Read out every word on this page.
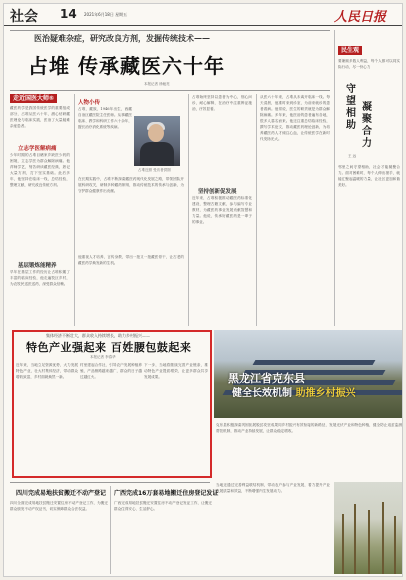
社会 14 2021年6月18日 星期五	人民日报
医治疑难杂症，研究改良方剂，发掘传统技术——
占堆 传承藏医六十年
本报记者 徐驰亮
走近国医大师⑤
藏医药学是我国传统医学的重要组成部分，占堆从医六十年，潜心钻研藏医理论与临床实践，医治了大量疑难杂症患者。
立志学医解病痛
少年时期的占堆目睹家乡缺医少药的困境，立志学医为群众解除病痛。他拜师学艺，刻苦研读藏医经典，熟记大量方剂，打下坚实基础。此后多年，他坚持在临床一线，总结经验，整理文献，研究改良传统方剂。
基层锻炼能精养
早年在基层工作的经历让占堆积累了丰富的临床经验，他走遍牧区乡村，为农牧民送医送药，深受群众信赖。
人物小传
占堆，藏族，1946年出生，西藏自治区藏医院主任医师。从事藏医临床、教学和科研工作六十余年，擅长治疗消化系统等疾病。
占堆近照 受访者供图
在长期实践中，占堆不断探索藏医药现代化发展之路，带领团队开展科研攻关，研制多种藏药制剂，推动传统技术的传承与创新，为守护群众健康作出贡献。
他重视人才培养，言传身教，带出一批又一批藏医骨干，让古老的藏医药学焕发新的生机。
占堆始终坚持以患者为中心，细心问诊，耐心解释，在治疗中注重辨证施治，疗效显著。
坚持创新促发展
近年来，占堆积极推动藏医药标准化建设，整理古籍文献，参与编写专业教材，为藏医药事业发展贡献智慧和力量。他说，传承好藏医药是一辈子的事业。
从医六十年来，占堆从未离开临床一线。每天清晨，他准时来到诊室，为前来就诊的患者看病。他常说，医生的职责就是为群众解除病痛。多年来，他医治的患者遍布各地，很多人慕名而来。他还注重总结临床经验，撰写学术论文，推动藏医药理论创新，为培养藏医药人才倾注心血，让传统医学在新时代发扬光大。
民生观
要兼顾多数人利益，每个人都可以同实际行动，尽一份心力
守望相助
凝聚合力
王 远
邻里之间守望相助，社会才能凝聚合力。面对困难时，每个人伸出援手，就能汇聚起温暖的力量，让社区更加和谐美好。
集体经济不断壮大，群众收入持续增长，助力乡村振兴——
特色产业强起来 百姓腰包鼓起来
本报记者 李春华
近年来，当地立足资源优势，大力发展特色产业，壮大村集体经济，带动群众增收致富，乡村面貌焕然一新。
村里建起合作社，引导农户发展种植养殖，产品销路越来越广，群众的日子越过越红火。
下一步，当地将继续完善产业链条，推动特色产业提质增效，让更多群众共享发展成果。	黑龙江省克东县
健全长效机制 助推乡村振兴
克东县积极探索巩固拓展脱贫攻坚成果同乡村振兴有效衔接的新路径，发展光伏产业和特色种植，健全防止返贫监测帮扶机制，推动产业持续发展，让群众稳定增收。
当地还通过完善利益联结机制，带动农户参与产业发展，着力提升产业发展质量和效益，不断增强内生发展动力。
四川完成易地扶贫搬迁不动产登记 广西完成16万套易地搬迁住房登记发证
四川全面完成易地扶贫搬迁安置住房不动产登记工作，为搬迁群众颁发不动产权证书，切实保障群众合法权益。
广西完成易地扶贫搬迁安置住房不动产登记发证工作，让搬迁群众住得安心、生活舒心。
